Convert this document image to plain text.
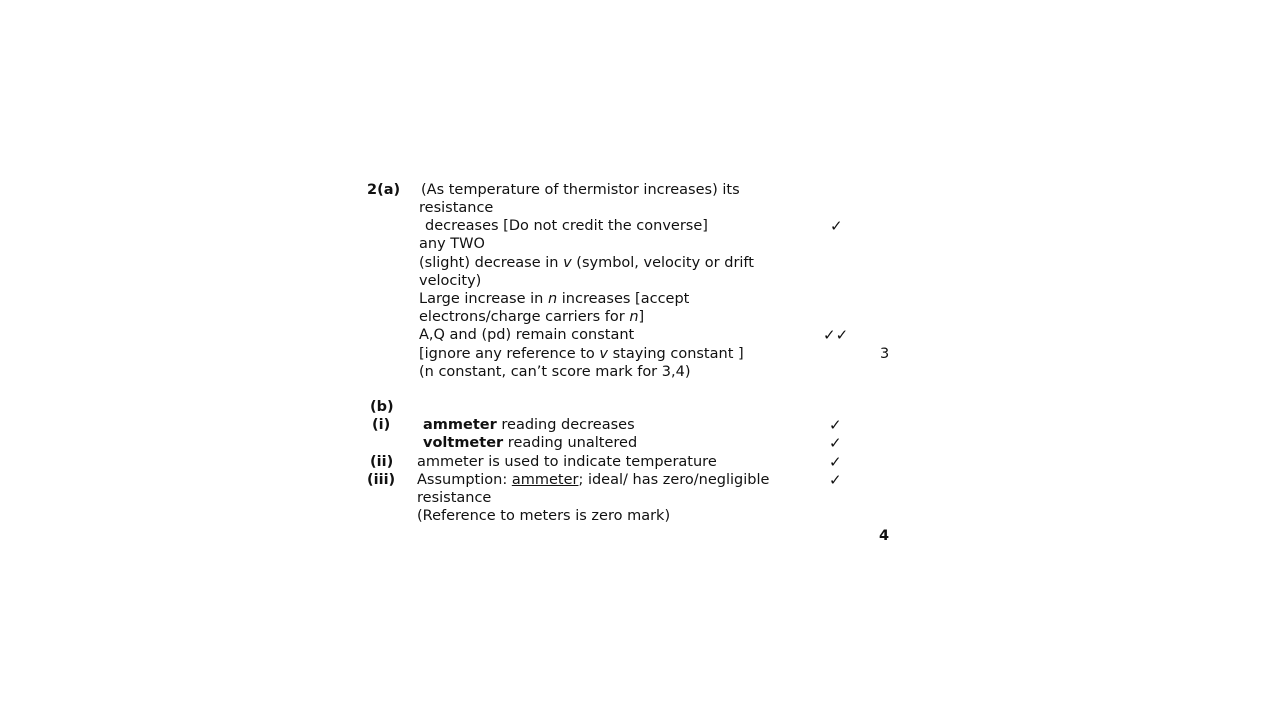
2(a) (As temperature of thermistor increases) its
resistance
decreases [Do not credit the converse]	✓
any TWO
(slight) decrease in v (symbol, velocity or drift
velocity)
Large increase in n increases [accept
electrons/charge carriers for n]
A,Q and (pd) remain constant	✓✓
[ignore any reference to v staying constant ]	3
(n constant, can’t score mark for 3,4)
(b)
(i) ammeter reading decreases	✓
voltmeter reading unaltered	✓
(ii) ammeter is used to indicate temperature	✓
(iii) Assumption: ammeter; ideal/ has zero/negligible	✓
resistance
(Reference to meters is zero mark)
4
